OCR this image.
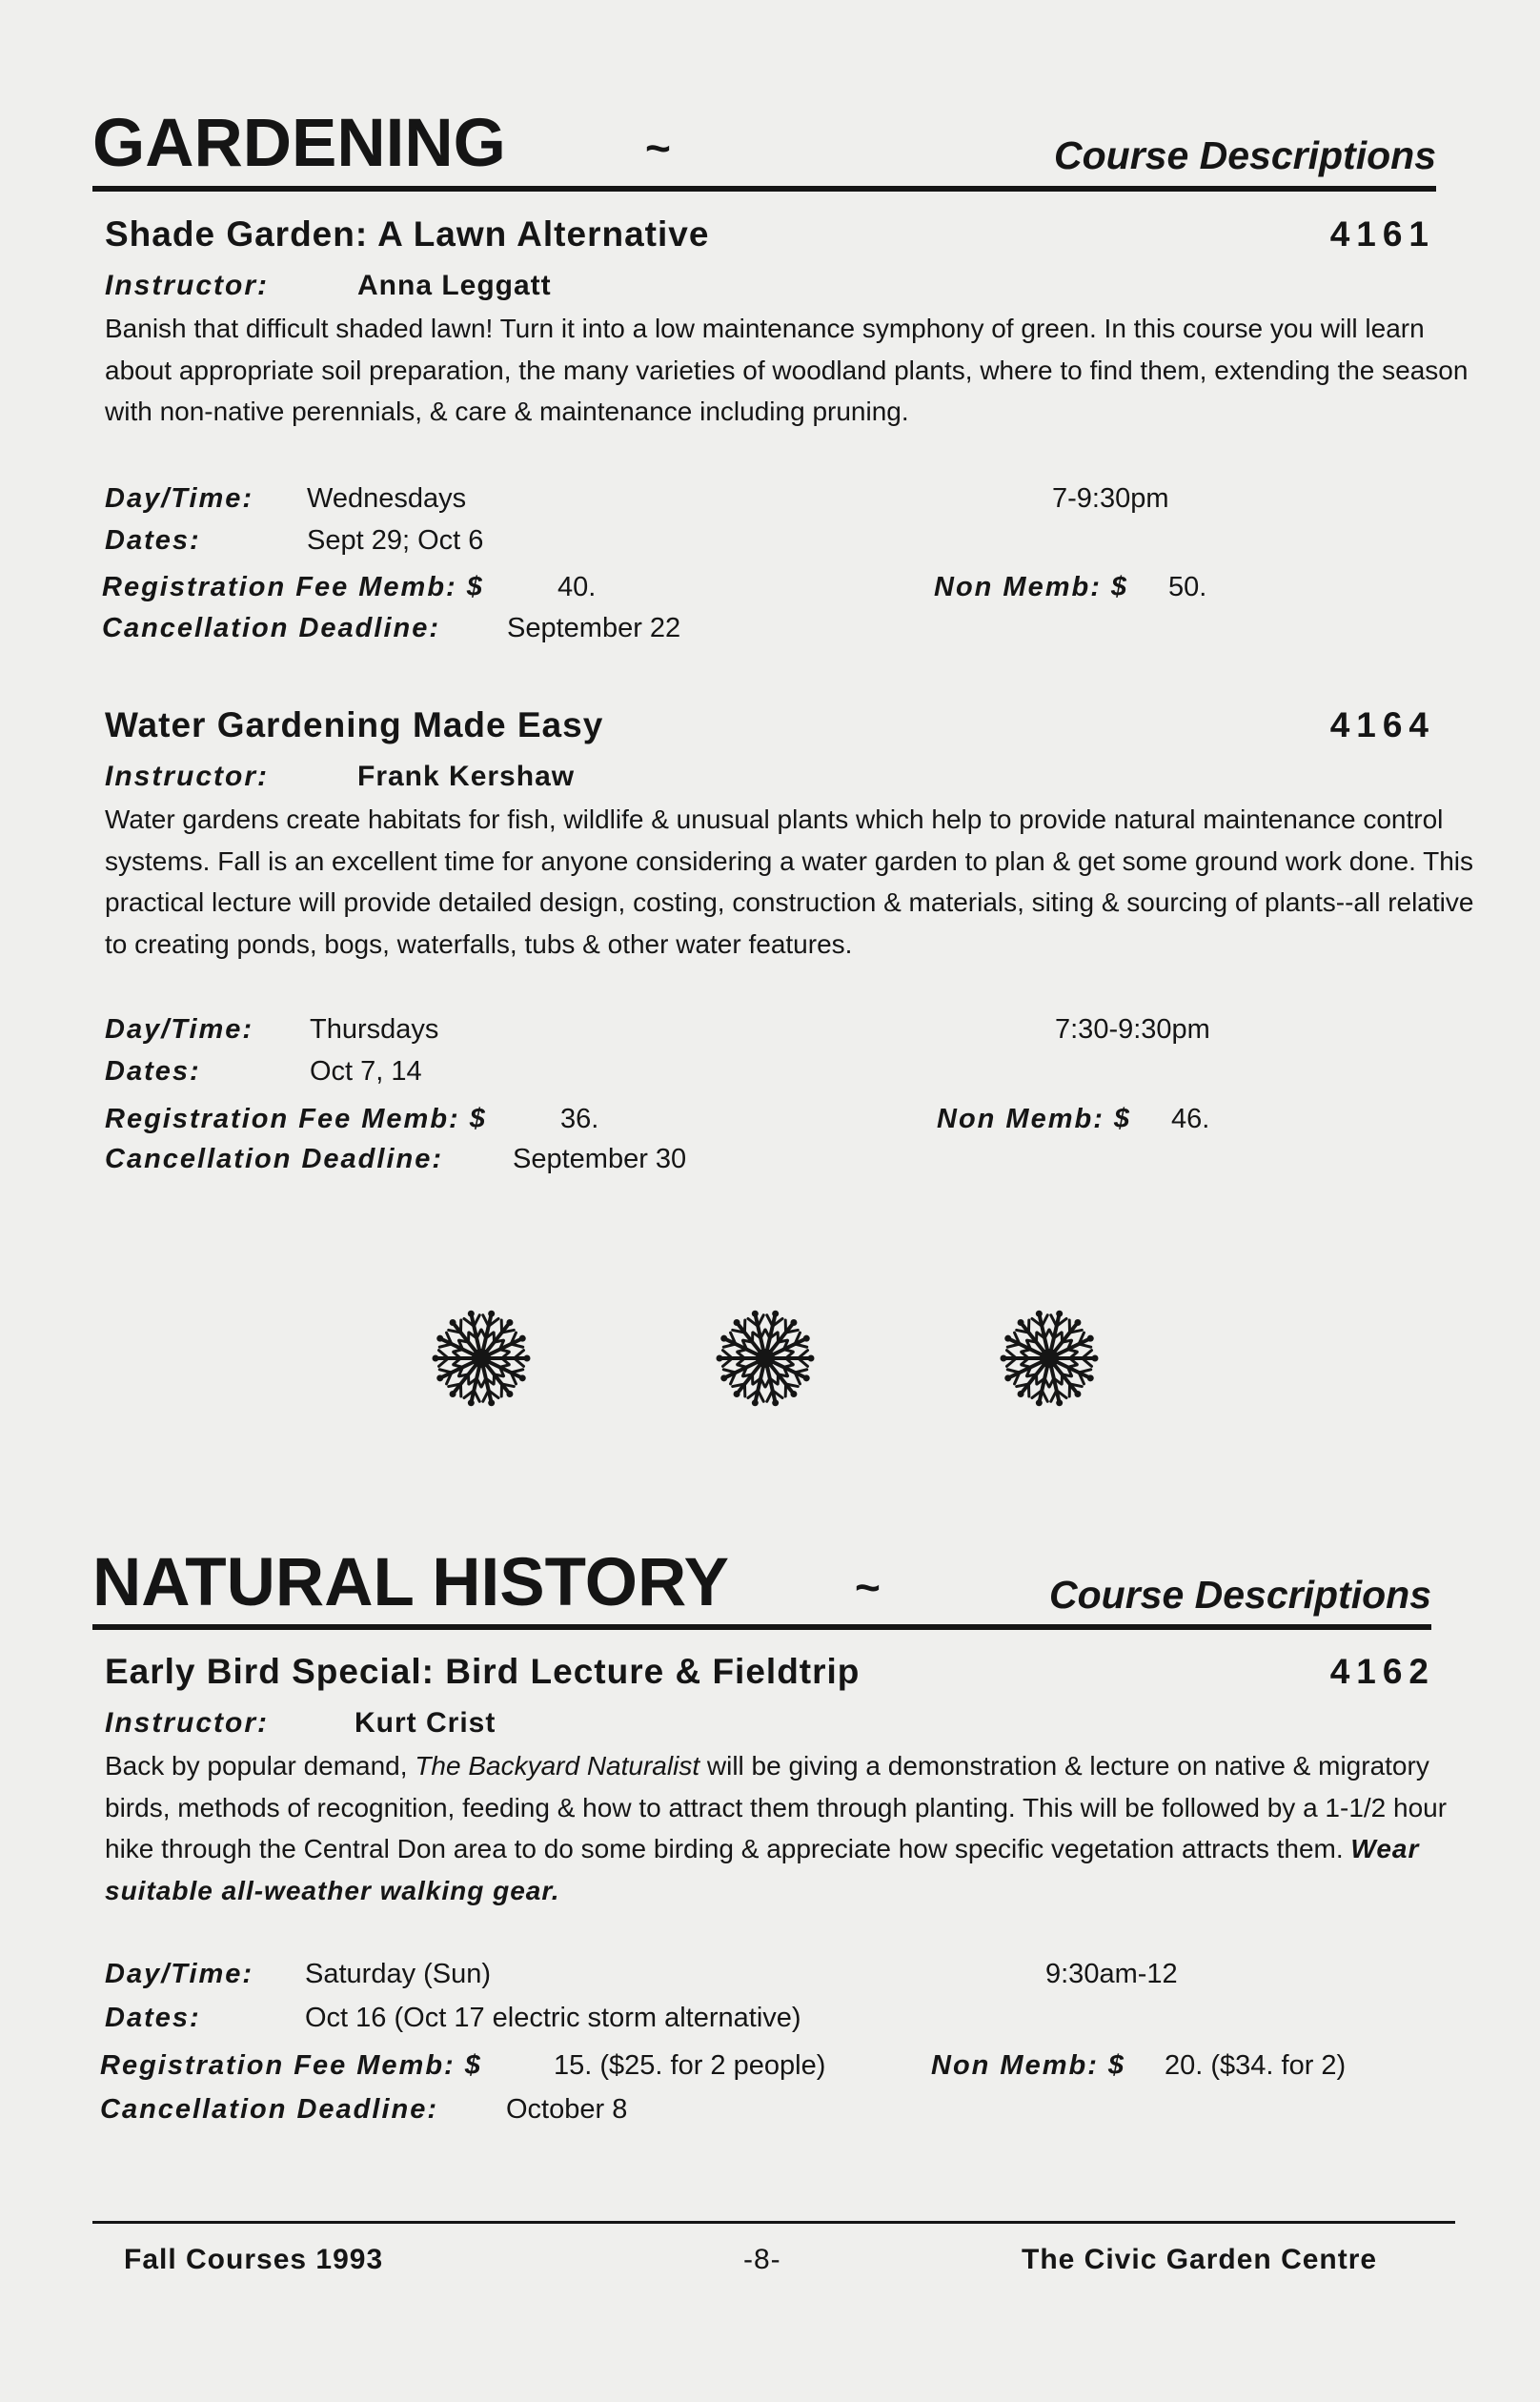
GARDENING	~	Course Descriptions
Shade Garden: A Lawn Alternative	4161
Instructor:	Anna Leggatt
Banish that difficult shaded lawn! Turn it into a low maintenance symphony of green. In this course you will learn about appropriate soil preparation, the many varieties of woodland plants, where to find them, extending the season with non-native perennials, & care & maintenance including pruning.
Day/Time: Wednesdays	7-9:30pm
Dates:	Sept 29; Oct 6
Registration Fee Memb: $	40.	Non Memb: $ 50.
Cancellation Deadline: September 22
Water Gardening Made Easy	4164
Instructor:	Frank Kershaw
Water gardens create habitats for fish, wildlife & unusual plants which help to provide natural maintenance control systems. Fall is an excellent time for anyone considering a water garden to plan & get some ground work done. This practical lecture will provide detailed design, costing, construction & materials, siting & sourcing of plants--all relative to creating ponds, bogs, waterfalls, tubs & other water features.
Day/Time: Thursdays	7:30-9:30pm
Dates:	Oct 7, 14
Registration Fee Memb: $	36.	Non Memb: $ 46.
Cancellation Deadline:	September 30
NATURAL HISTORY	~	Course Descriptions
Early Bird Special: Bird Lecture & Fieldtrip	4162
Instructor:	Kurt Crist
Back by popular demand, The Backyard Naturalist will be giving a demonstration & lecture on native & migratory birds, methods of recognition, feeding & how to attract them through planting. This will be followed by a 1-1/2 hour hike through the Central Don area to do some birding & appreciate how specific vegetation attracts them. Wear suitable all-weather walking gear.
Day/Time: Saturday (Sun)	9:30am-12
Dates:	Oct 16 (Oct 17 electric storm alternative)
Registration Fee Memb: $	15. ($25. for 2 people)	Non Memb: $ 20. ($34. for 2)
Cancellation Deadline: October 8
Fall Courses 1993	-8-	The Civic Garden Centre
